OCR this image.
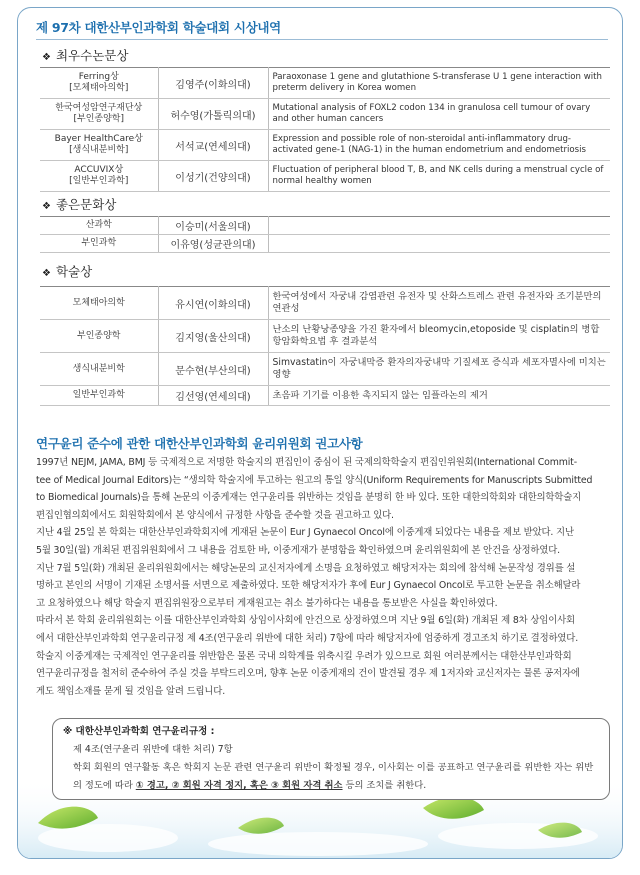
제 97차 대한산부인과학회 학술대회 시상내역
❖ 최우수논문상
Ferring상
[모체태아의학]	김영주(이화의대)	Paraoxonase 1 gene and glutathione S-transferase U 1 gene interaction with preterm delivery in Korea women
한국여성암연구재단상
[부인종양학]	허수영(가톨릭의대)	Mutational analysis of FOXL2 codon 134 in granulosa cell tumour of ovary and other human cancers
Bayer HealthCare상
[생식내분비학]	서석교(연세의대)	Expression and possible role of non-steroidal anti-inflammatory drug-activated gene-1 (NAG-1) in the human endometrium and endometriosis
ACCUVIX상
[일반부인과학]	이성기(건양의대)	Fluctuation of peripheral blood T, B, and NK cells during a menstrual cycle of normal healthy women
❖ 좋은문화상
산과학	이승미(서울의대)	
부인과학	이유영(성균관의대)	
❖ 학술상
모체태아의학	유시연(이화의대)	한국여성에서 자궁내 감염관련 유전자 및 산화스트레스 관련 유전자와 조기분만의 연관성
부인종양학	김지영(울산의대)	난소의 난황낭종양을 가진 환자에서 bleomycin,etoposide 및 cisplatin의 병합 항암화학요법 후 결과분석
생식내분비학	문수현(부산의대)	Simvastatin이 자궁내막증 환자의자궁내막 기질세포 증식과 세포자멸사에 미치는 영향
일반부인과학	김선영(연세의대)	초음파 기기를 이용한 촉지되지 않는 임플라논의 제거
연구윤리 준수에 관한 대한산부인과학회 윤리위원회 권고사항

1997년 NEJM, JAMA, BMJ 등 국제적으로 저명한 학술지의 편집인이 중심이 된 국제의학학술지 편집인위원회(International Commit-

tee of Medical Journal Editors)는 “생의학 학술지에 투고하는 원고의 통일 양식(Uniform Requirements for Manuscripts Submitted

to Biomedical Journals)을 통해 논문의 이중게재는 연구윤리를 위반하는 것임을 분명히 한 바 있다. 또한 대한의학회와 대한의학학술지

편집인협의회에서도 회원학회에서 본 양식에서 규정한 사항을 준수할 것을 권고하고 있다.

지난 4월 25일 본 학회는 대한산부인과학회지에 게재된 논문이 Eur J Gynaecol Oncol에 이중게재 되었다는 내용을 제보 받았다. 지난

5월 30일(월) 개최된 편집위원회에서 그 내용을 검토한 바, 이중게재가 분명함을 확인하였으며 윤리위원회에 본 안건을 상정하였다.

지난 7월 5일(화) 개최된 윤리위원회에서는 해당논문의 교신저자에게 소명을 요청하였고 해당저자는 회의에 참석해 논문작성 경위를 설

명하고 본인의 서명이 기재된 소명서를 서면으로 제출하였다. 또한 해당저자가 후에 Eur J Gynaecol Oncol로 투고한 논문을 취소해달라

고 요청하였으나 해당 학술지 편집위원장으로부터 게재원고는 취소 불가하다는 내용을 통보받은 사실을 확인하였다.

따라서 본 학회 윤리위원회는 이를 대한산부인과학회 상임이사회에 안건으로 상정하였으며 지난 9월 6일(화) 개최된 제 8차 상임이사회

에서 대한산부인과학회 연구윤리규정 제 4조(연구윤리 위반에 대한 처리) 7항에 따라 해당저자에 엄중하게 경고조치 하기로 결정하였다.

학술지 이중게재는 국제적인 연구윤리를 위반함은 물론 국내 의학계를 위축시킬 우려가 있으므로 회원 여러분께서는 대한산부인과학회

연구윤리규정을 철저히 준수하여 주실 것을 부탁드리오며, 향후 논문 이중게재의 건이 발견될 경우 제 1저자와 교신저자는 물론 공저자에

게도 책임소재를 묻게 될 것임을 알려 드립니다.

※ 대한산부인과학회 연구윤리규정 :
제 4조(연구윤리 위반에 대한 처리) 7항
학회 회원의 연구활동 혹은 학회지 논문 관련 연구윤리 위반이 확정될 경우, 이사회는 이를 공표하고 연구윤리를 위반한 자는 위반
의 정도에 따라 ① 경고, ② 회원 자격 정지, 혹은 ③ 회원 자격 취소 등의 조치를 취한다.
